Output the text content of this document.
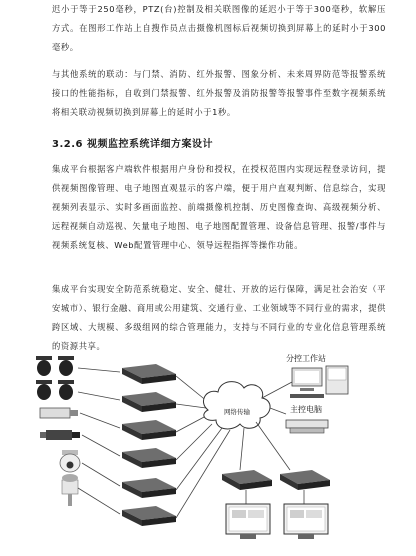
迟小于等于250毫秒，PTZ(台)控制及相关联图像的延迟小于等于300毫秒，软解压方式。在图形工作站上自搜作员点击摄像机图标后视频切换到屏幕上的延时小于300毫秒。

与其他系统的联动：与门禁、消防、红外报警、图象分析、未来周界防范等报警系统接口的性能指标，自收到门禁报警、红外报警及消防报警等报警事件至数字视频系统将相关联动视频切换到屏幕上的延时小于1秒。

3.2.6 视频监控系统详细方案设计

集成平台根据客户端软件根据用户身份和授权，在授权范围内实现远程登录访问，提供视频图像管理、电子地图直观显示的客户端，便于用户直观判断、信息综合，实现视频列表显示、实时多画面监控、前端摄像机控制、历史图像查询、高级视频分析、远程视频自动巡视、矢量电子地图、电子地图配置管理、设备信息管理、报警/事件与视频系统复核、Web配置管理中心、领导远程指挥等操作功能。

集成平台实现安全防范系统稳定、安全、健壮、开放的运行保障，满足社会治安（平安城市）、银行金融、商用或公用建筑、交通行业、工业领域等不同行业的需求，提供跨区域、大规模、多级组网的综合管理能力，支持与不同行业的专业化信息管理系统的资源共享。

网络传输
分控工作站
主控电脑
